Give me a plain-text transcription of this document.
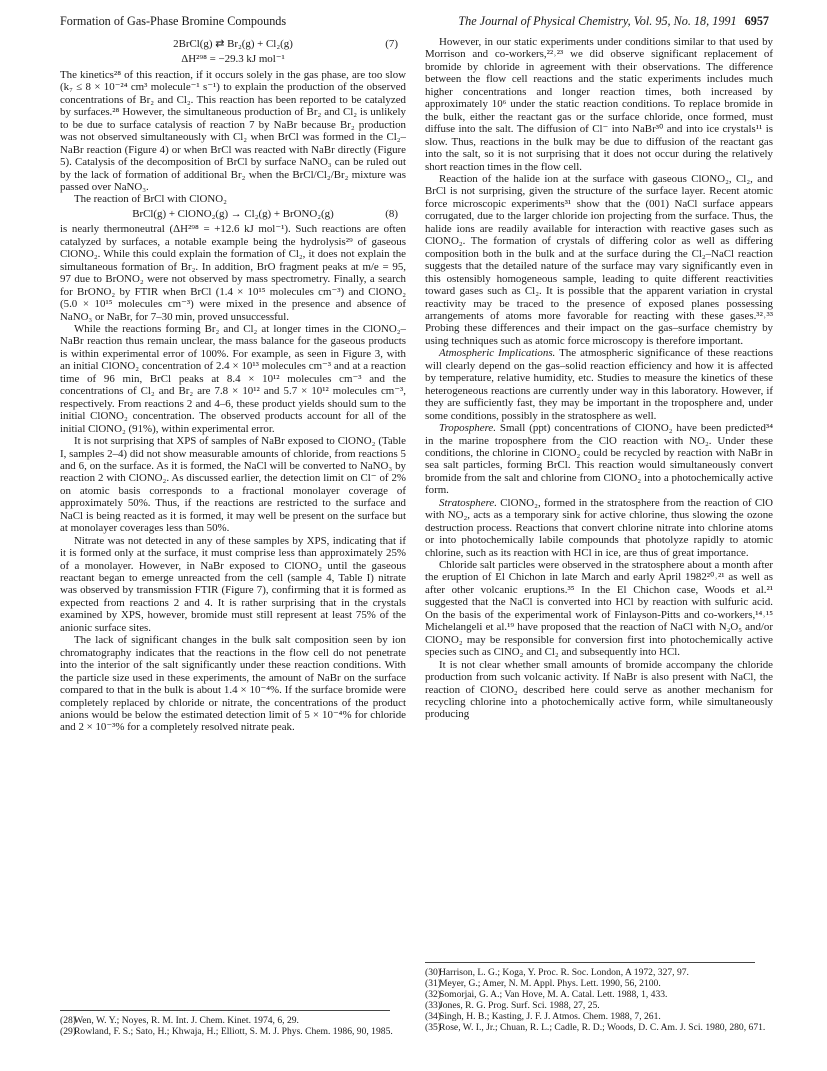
Formation of Gas-Phase Bromine Compounds	The Journal of Physical Chemistry, Vol. 95, No. 18, 1991 6957
2BrCl(g) ⇄ Br₂(g) + Cl₂(g)	(7)
ΔH²⁹⁸ = −29.3 kJ mol⁻¹

The kinetics²⁸ of this reaction, if it occurs solely in the gas phase, are too slow (k₇ ≤ 8 × 10⁻²⁴ cm³ molecule⁻¹ s⁻¹) to explain the production of the observed concentrations of Br₂ and Cl₂. This reaction has been reported to be catalyzed by surfaces.²⁸ However, the simultaneous production of Br₂ and Cl₂ is unlikely to be due to surface catalysis of reaction 7 by NaBr because Br₂ production was not observed simultaneously with Cl₂ when BrCl was formed in the Cl₂–NaBr reaction (Figure 4) or when BrCl was reacted with NaBr directly (Figure 5). Catalysis of the decomposition of BrCl by surface NaNO₃ can be ruled out by the lack of formation of additional Br₂ when the BrCl/Cl₂/Br₂ mixture was passed over NaNO₃.

The reaction of BrCl with ClONO₂

BrCl(g) + ClONO₂(g) → Cl₂(g) + BrONO₂(g)	(8)

is nearly thermoneutral (ΔH²⁹⁸ = +12.6 kJ mol⁻¹). Such reactions are often catalyzed by surfaces, a notable example being the hydrolysis²⁹ of gaseous ClONO₂. While this could explain the formation of Cl₂, it does not explain the simultaneous formation of Br₂. In addition, BrO fragment peaks at m/e = 95, 97 due to BrONO₂ were not observed by mass spectrometry. Finally, a search for BrONO₂ by FTIR when BrCl (1.4 × 10¹⁵ molecules cm⁻³) and ClONO₂ (5.0 × 10¹⁵ molecules cm⁻³) were mixed in the presence and absence of NaNO₃ or NaBr, for 7–30 min, proved unsuccessful.

While the reactions forming Br₂ and Cl₂ at longer times in the ClONO₂–NaBr reaction thus remain unclear, the mass balance for the gaseous products is within experimental error of 100%. For example, as seen in Figure 3, with an initial ClONO₂ concentration of 2.4 × 10¹³ molecules cm⁻³ and at a reaction time of 96 min, BrCl peaks at 8.4 × 10¹² molecules cm⁻³ and the concentrations of Cl₂ and Br₂ are 7.8 × 10¹² and 5.7 × 10¹² molecules cm⁻³, respectively. From reactions 2 and 4–6, these product yields should sum to the initial ClONO₂ concentration. The observed products account for all of the initial ClONO₂ (91%), within experimental error.

It is not surprising that XPS of samples of NaBr exposed to ClONO₂ (Table I, samples 2–4) did not show measurable amounts of chloride, from reactions 5 and 6, on the surface. As it is formed, the NaCl will be converted to NaNO₃ by reaction 2 with ClONO₂. As discussed earlier, the detection limit on Cl⁻ of 2% on atomic basis corresponds to a fractional monolayer coverage of approximately 50%. Thus, if the reactions are restricted to the surface and NaCl is being reacted as it is formed, it may well be present on the surface but at monolayer coverages less than 50%.

Nitrate was not detected in any of these samples by XPS, indicating that if it is formed only at the surface, it must comprise less than approximately 25% of a monolayer. However, in NaBr exposed to ClONO₂ until the gaseous reactant began to emerge unreacted from the cell (sample 4, Table I) nitrate was observed by transmission FTIR (Figure 7), confirming that it is formed as expected from reactions 2 and 4. It is rather surprising that in the crystals examined by XPS, however, bromide must still represent at least 75% of the anionic surface sites.

The lack of significant changes in the bulk salt composition seen by ion chromatography indicates that the reactions in the flow cell do not penetrate into the interior of the salt significantly under these reaction conditions. With the particle size used in these experiments, the amount of NaBr on the surface compared to that in the bulk is about 1.4 × 10⁻⁴%. If the surface bromide were completely replaced by chloride or nitrate, the concentrations of the product anions would be below the estimated detection limit of 5 × 10⁻⁴% for chloride and 2 × 10⁻³% for a completely resolved nitrate peak.

(28)
Wen, W. Y.; Noyes, R. M. Int. J. Chem. Kinet. 1974, 6, 29.
(29)
Rowland, F. S.; Sato, H.; Khwaja, H.; Elliott, S. M. J. Phys. Chem. 1986, 90, 1985.

However, in our static experiments under conditions similar to that used by Morrison and co-workers,²²˒²³ we did observe significant replacement of bromide by chloride in agreement with their observations. The difference between the flow cell reactions and the static experiments includes much higher concentrations and longer reaction times, both increased by approximately 10⁶ under the static reaction conditions. To replace bromide in the bulk, either the reactant gas or the surface chloride, once formed, must diffuse into the salt. The diffusion of Cl⁻ into NaBr³⁰ and into ice crystals¹¹ is slow. Thus, reactions in the bulk may be due to diffusion of the reactant gas into the salt, so it is not surprising that it does not occur during the relatively short reaction times in the flow cell.

Reaction of the halide ion at the surface with gaseous ClONO₂, Cl₂, and BrCl is not surprising, given the structure of the surface layer. Recent atomic force microscopic experiments³¹ show that the (001) NaCl surface appears corrugated, due to the larger chloride ion projecting from the surface. Thus, the halide ions are readily available for interaction with reactive gases such as ClONO₂. The formation of crystals of differing color as well as differing composition both in the bulk and at the surface during the Cl₂–NaCl reaction suggests that the detailed nature of the surface may vary significantly even in this ostensibly homogeneous sample, leading to quite different reactivities toward gases such as Cl₂. It is possible that the apparent variation in crystal reactivity may be traced to the presence of exposed planes possessing arrangements of atoms more favorable for reacting with these gases.³²˒³³ Probing these differences and their impact on the gas–surface chemistry by using techniques such as atomic force microscopy is therefore important.

Atmospheric Implications. The atmospheric significance of these reactions will clearly depend on the gas–solid reaction efficiency and how it is affected by temperature, relative humidity, etc. Studies to measure the kinetics of these heterogeneous reactions are currently under way in this laboratory. However, if they are sufficiently fast, they may be important in the troposphere and, under some conditions, possibly in the stratosphere as well.

Troposphere. Small (ppt) concentrations of ClONO₂ have been predicted³⁴ in the marine troposphere from the ClO reaction with NO₂. Under these conditions, the chlorine in ClONO₂ could be recycled by reaction with NaBr in sea salt particles, forming BrCl. This reaction would simultaneously convert bromide from the salt and chlorine from ClONO₂ into a photochemically active form.

Stratosphere. ClONO₂, formed in the stratosphere from the reaction of ClO with NO₂, acts as a temporary sink for active chlorine, thus slowing the ozone destruction process. Reactions that convert chlorine nitrate into chlorine atoms or into photochemically labile compounds that photolyze rapidly to atomic chlorine, such as its reaction with HCl in ice, are thus of great importance.

Chloride salt particles were observed in the stratosphere about a month after the eruption of El Chichon in late March and early April 1982²⁰˒²¹ as well as after other volcanic eruptions.³⁵ In the El Chichon case, Woods et al.²¹ suggested that the NaCl is converted into HCl by reaction with sulfuric acid. On the basis of the experimental work of Finlayson-Pitts and co-workers,¹⁴˒¹⁵ Michelangeli et al.¹⁹ have proposed that the reaction of NaCl with N₂O₅ and/or ClONO₂ may be responsible for conversion first into photochemically active species such as ClNO₂ and Cl₂ and subsequently into HCl.

It is not clear whether small amounts of bromide accompany the chloride production from such volcanic activity. If NaBr is also present with NaCl, the reaction of ClONO₂ described here could serve as another mechanism for recycling chlorine into a photochemically active form, while simultaneously producing

(30)
Harrison, L. G.; Koga, Y. Proc. R. Soc. London, A 1972, 327, 97.
(31)
Meyer, G.; Amer, N. M. Appl. Phys. Lett. 1990, 56, 2100.
(32)
Somorjai, G. A.; Van Hove, M. A. Catal. Lett. 1988, 1, 433.
(33)
Jones, R. G. Prog. Surf. Sci. 1988, 27, 25.
(34)
Singh, H. B.; Kasting, J. F. J. Atmos. Chem. 1988, 7, 261.
(35)
Rose, W. I., Jr.; Chuan, R. L.; Cadle, R. D.; Woods, D. C. Am. J. Sci. 1980, 280, 671.
